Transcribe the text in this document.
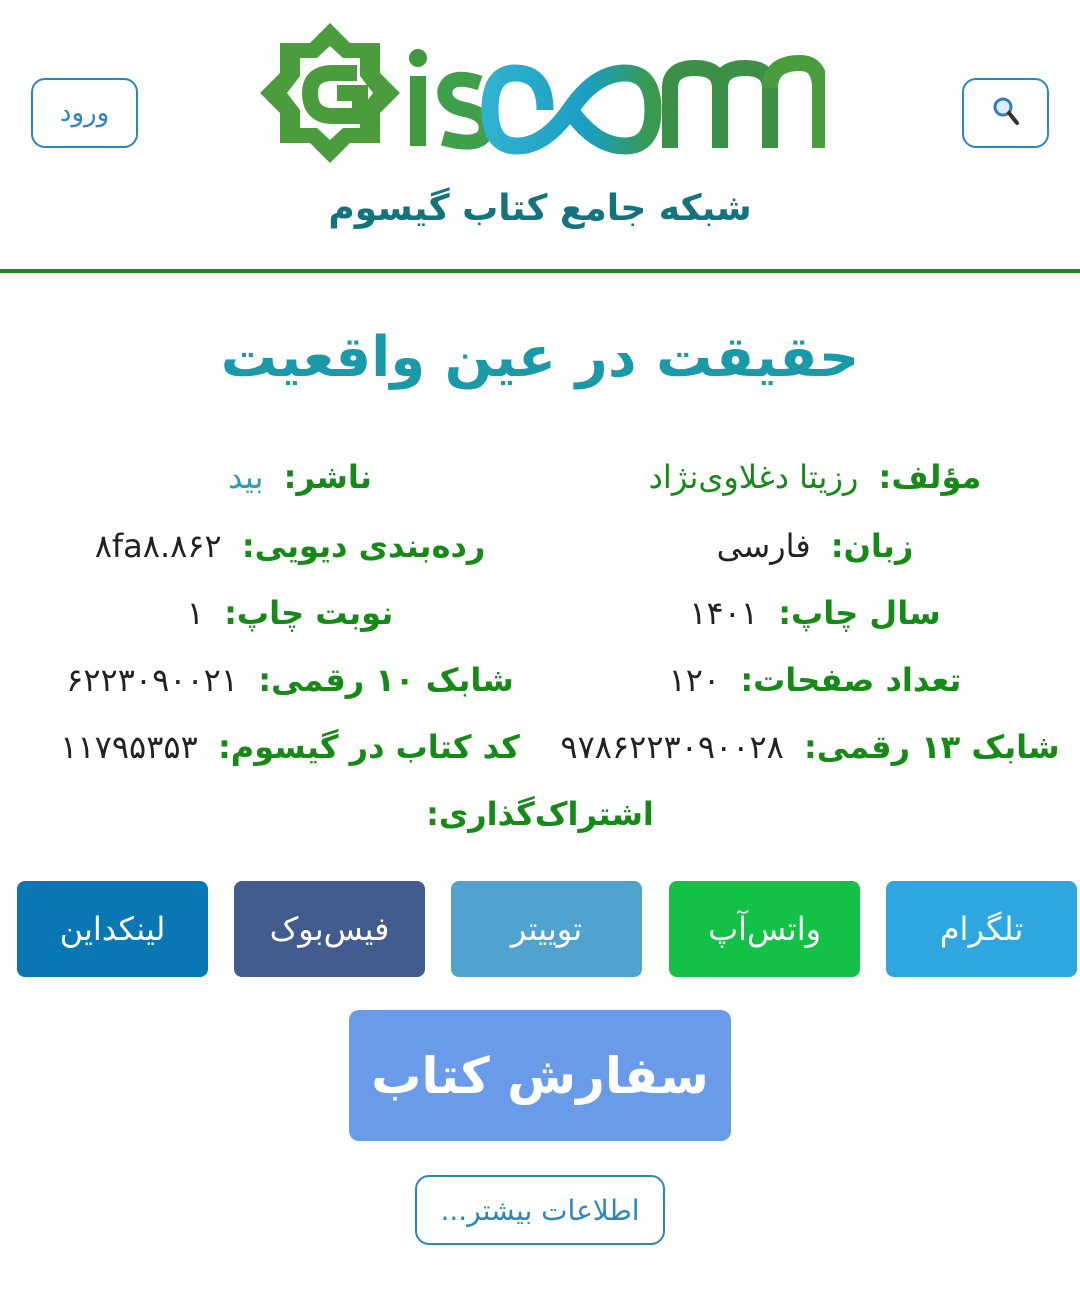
ورود
شبکه جامع کتاب گیسوم
حقیقت در عین واقعیت
مؤلف: رزیتا دغلاوی‌نژاد
زبان: فارسی
سال چاپ: ۱۴۰۱
تعداد صفحات: ۱۲۰
شابک ۱۳ رقمی: ۹۷۸۶۲۲۳۰۹۰۰۲۸
ناشر: بید
رده‌بندی دیویی: ۸fa۸.۸۶۲
نوبت چاپ: ۱
شابک ۱۰ رقمی: ۶۲۲۳۰۹۰۰۲۱
کد کتاب در گیسوم: ۱۱۷۹۵۳۵۳
اشتراک‌گذاری:
تلگرام
واتس‌آپ
توییتر
فیس‌بوک
لینکداین
سفارش کتاب
اطلاعات بیشتر...
